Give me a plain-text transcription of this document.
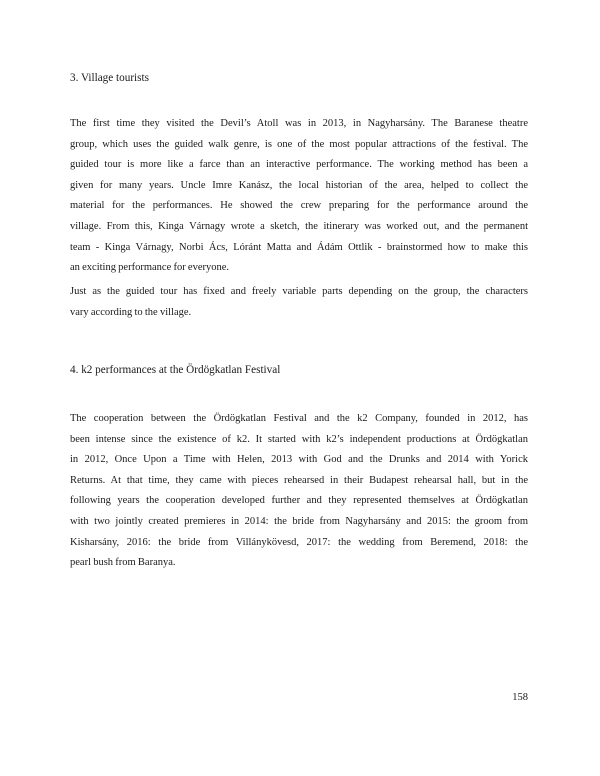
3. Village tourists
The first time they visited the Devil’s Atoll was in 2013, in Nagyharsány. The Baranese theatre
group, which uses the guided walk genre, is one of the most popular attractions of the festival. The
guided tour is more like a farce than an interactive performance. The working method has been a
given for many years. Uncle Imre Kanász, the local historian of the area, helped to collect the
material for the performances. He showed the crew preparing for the performance around the
village. From this, Kinga Várnagy wrote a sketch, the itinerary was worked out, and the permanent
team - Kinga Várnagy, Norbi Ács, Lóránt Matta and Ádám Ottlik - brainstormed how to make this
an exciting performance for everyone.
Just as the guided tour has fixed and freely variable parts depending on the group, the characters
vary according to the village.
4. k2 performances at the Ördögkatlan Festival
The cooperation between the Ördögkatlan Festival and the k2 Company, founded in 2012, has
been intense since the existence of k2. It started with k2’s independent productions at Ördögkatlan
in 2012, Once Upon a Time with Helen, 2013 with God and the Drunks and 2014 with Yorick
Returns. At that time, they came with pieces rehearsed in their Budapest rehearsal hall, but in the
following years the cooperation developed further and they represented themselves at Ördögkatlan
with two jointly created premieres in 2014: the bride from Nagyharsány and 2015: the groom from
Kisharsány, 2016: the bride from Villánykövesd, 2017: the wedding from Beremend, 2018: the
pearl bush from Baranya.
158
